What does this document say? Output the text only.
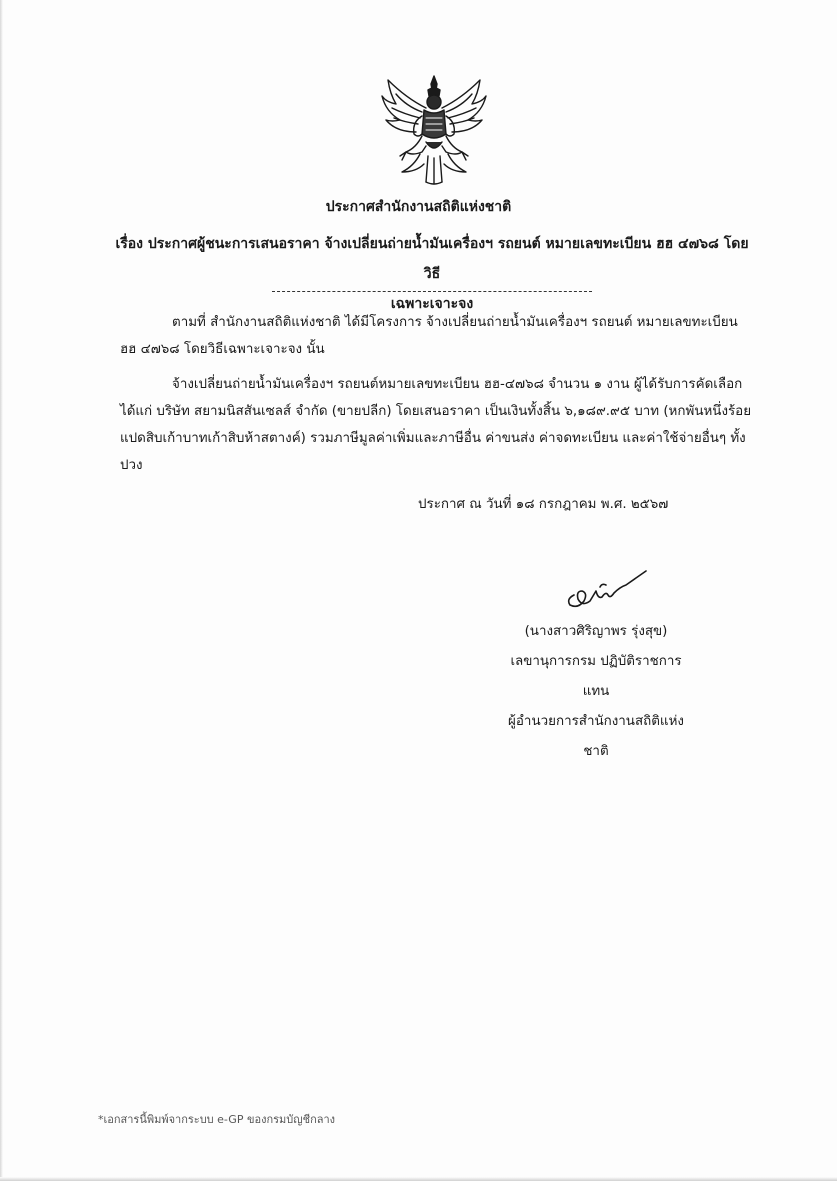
ประกาศสำนักงานสถิติแห่งชาติ
เรื่อง ประกาศผู้ชนะการเสนอราคา จ้างเปลี่ยนถ่ายน้ำมันเครื่องฯ รถยนต์ หมายเลขทะเบียน ฮฮ ๔๗๖๘ โดยวิธี
เฉพาะเจาะจง
ตามที่ สำนักงานสถิติแห่งชาติ ได้มีโครงการ จ้างเปลี่ยนถ่ายน้ำมันเครื่องฯ รถยนต์ หมายเลขทะเบียน ฮฮ ๔๗๖๘ โดยวิธีเฉพาะเจาะจง นั้น
จ้างเปลี่ยนถ่ายน้ำมันเครื่องฯ รถยนต์หมายเลขทะเบียน ฮฮ-๔๗๖๘ จำนวน ๑ งาน ผู้ได้รับการคัดเลือก ได้แก่ บริษัท สยามนิสสันเซลส์ จำกัด (ขายปลีก) โดยเสนอราคา เป็นเงินทั้งสิ้น ๖,๑๘๙.๙๕ บาท (หกพันหนึ่งร้อยแปดสิบเก้าบาทเก้าสิบห้าสตางค์) รวมภาษีมูลค่าเพิ่มและภาษีอื่น ค่าขนส่ง ค่าจดทะเบียน และค่าใช้จ่ายอื่นๆ ทั้งปวง
ประกาศ ณ วันที่ ๑๘ กรกฎาคม พ.ศ. ๒๕๖๗
(นางสาวศิริญาพร รุ่งสุข)
เลขานุการกรม ปฏิบัติราชการแทน
ผู้อำนวยการสำนักงานสถิติแห่งชาติ
*เอกสารนี้พิมพ์จากระบบ e-GP ของกรมบัญชีกลาง
